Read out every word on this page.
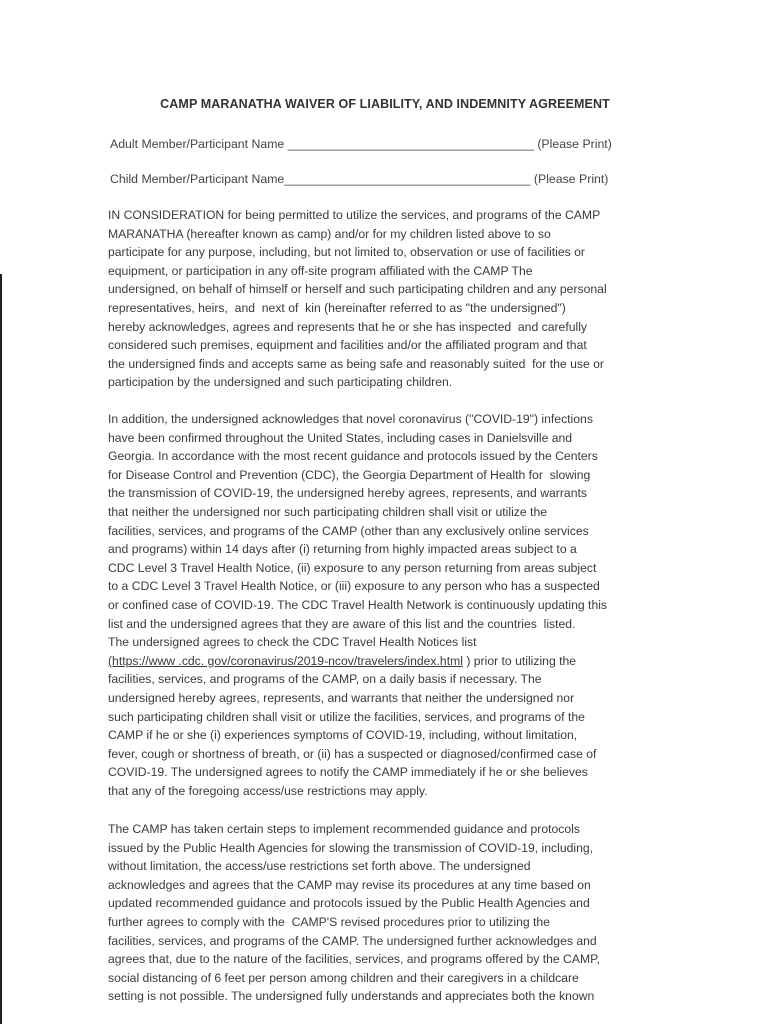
CAMP MARANATHA WAIVER OF LIABILITY, AND INDEMNITY AGREEMENT
Adult Member/Participant Name ____________________________________ (Please Print)
Child Member/Participant Name____________________________________ (Please Print)
IN CONSIDERATION for being permitted to utilize the services, and programs of the CAMP
MARANATHA (hereafter known as camp) and/or for my children listed above to so
participate for any purpose, including, but not limited to, observation or use of facilities or
equipment, or participation in any off-site program affiliated with the CAMP The
undersigned, on behalf of himself or herself and such participating children and any personal
representatives, heirs,  and  next of  kin (hereinafter referred to as "the undersigned")
hereby acknowledges, agrees and represents that he or she has inspected  and carefully
considered such premises, equipment and facilities and/or the affiliated program and that
the undersigned finds and accepts same as being safe and reasonably suited  for the use or
participation by the undersigned and such participating children.
In addition, the undersigned acknowledges that novel coronavirus ("COVID-19") infections
have been confirmed throughout the United States, including cases in Danielsville and
Georgia. In accordance with the most recent guidance and protocols issued by the Centers
for Disease Control and Prevention (CDC), the Georgia Department of Health for  slowing
the transmission of COVID-19, the undersigned hereby agrees, represents, and warrants
that neither the undersigned nor such participating children shall visit or utilize the
facilities, services, and programs of the CAMP (other than any exclusively online services
and programs) within 14 days after (i) returning from highly impacted areas subject to a
CDC Level 3 Travel Health Notice, (ii) exposure to any person returning from areas subject
to a CDC Level 3 Travel Health Notice, or (iii) exposure to any person who has a suspected
or confined case of COVID-19. The CDC Travel Health Network is continuously updating this
list and the undersigned agrees that they are aware of this list and the countries  listed.
The undersigned agrees to check the CDC Travel Health Notices list
(https://www .cdc. gov/coronavirus/2019-ncov/travelers/index.html ) prior to utilizing the
facilities, services, and programs of the CAMP, on a daily basis if necessary. The
undersigned hereby agrees, represents, and warrants that neither the undersigned nor
such participating children shall visit or utilize the facilities, services, and programs of the
CAMP if he or she (i) experiences symptoms of COVID-19, including, without limitation,
fever, cough or shortness of breath, or (ii) has a suspected or diagnosed/confirmed case of
COVID-19. The undersigned agrees to notify the CAMP immediately if he or she believes
that any of the foregoing access/use restrictions may apply.
The CAMP has taken certain steps to implement recommended guidance and protocols
issued by the Public Health Agencies for slowing the transmission of COVID-19, including,
without limitation, the access/use restrictions set forth above. The undersigned
acknowledges and agrees that the CAMP may revise its procedures at any time based on
updated recommended guidance and protocols issued by the Public Health Agencies and
further agrees to comply with the  CAMP'S revised procedures prior to utilizing the
facilities, services, and programs of the CAMP. The undersigned further acknowledges and
agrees that, due to the nature of the facilities, services, and programs offered by the CAMP,
social distancing of 6 feet per person among children and their caregivers in a childcare
setting is not possible. The undersigned fully understands and appreciates both the known
